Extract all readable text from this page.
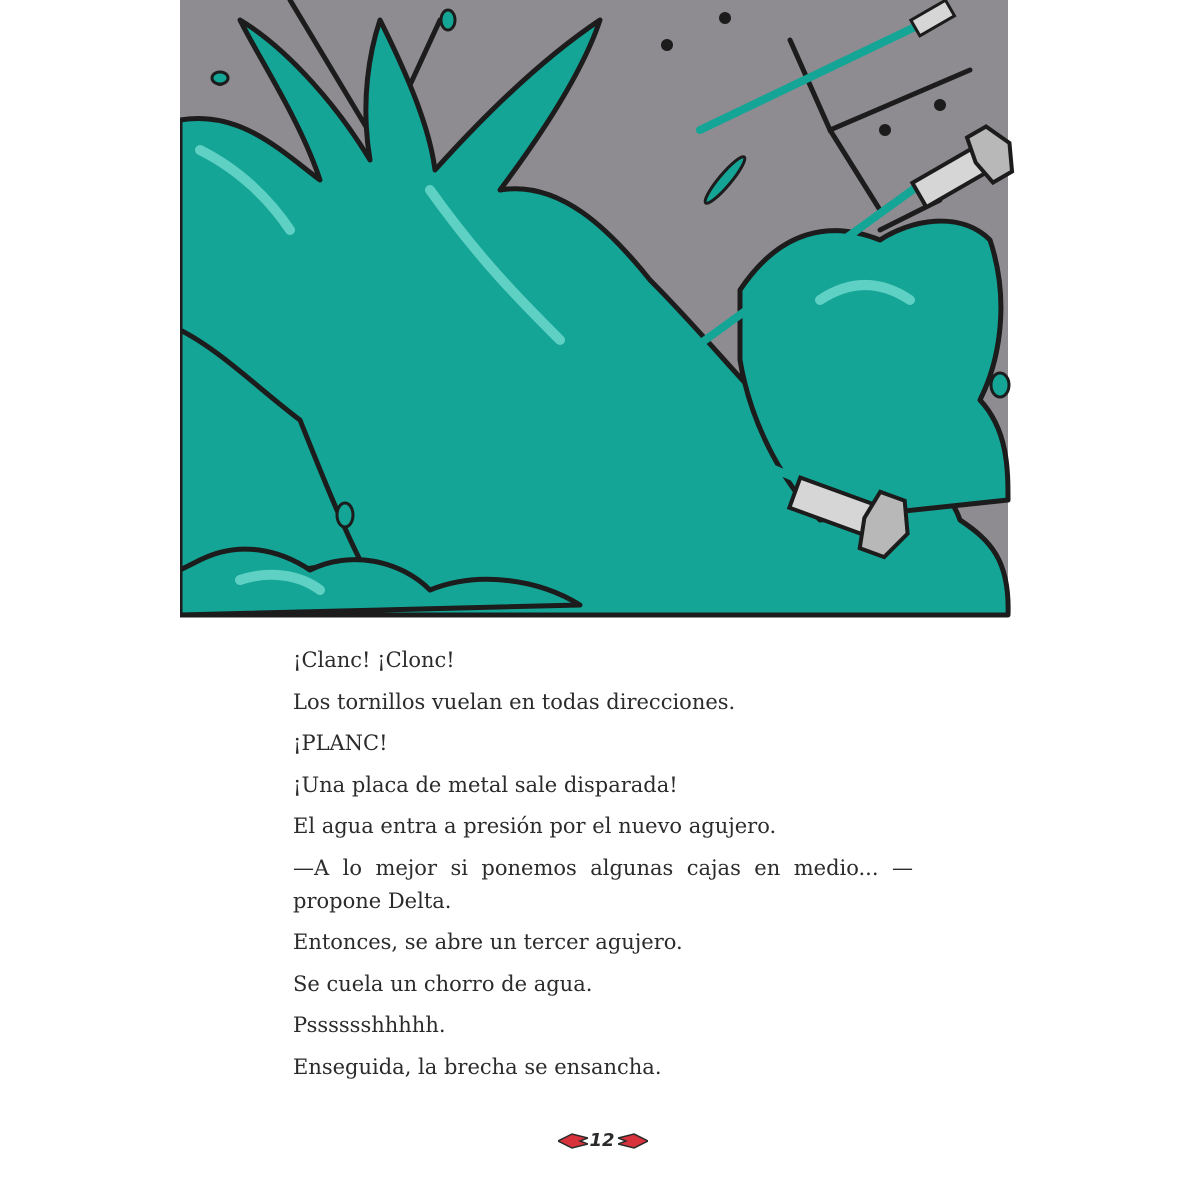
¡Clanc! ¡Clonc!

Los tornillos vuelan en todas direcciones.

¡PLANC!

¡Una placa de metal sale disparada!

El agua entra a presión por el nuevo agujero.

—A lo mejor si ponemos algunas cajas en medio... —propone Delta.

Entonces, se abre un tercer agujero.

Se cuela un chorro de agua.

Psssssshhhhh.

Enseguida, la brecha se ensancha.

12
